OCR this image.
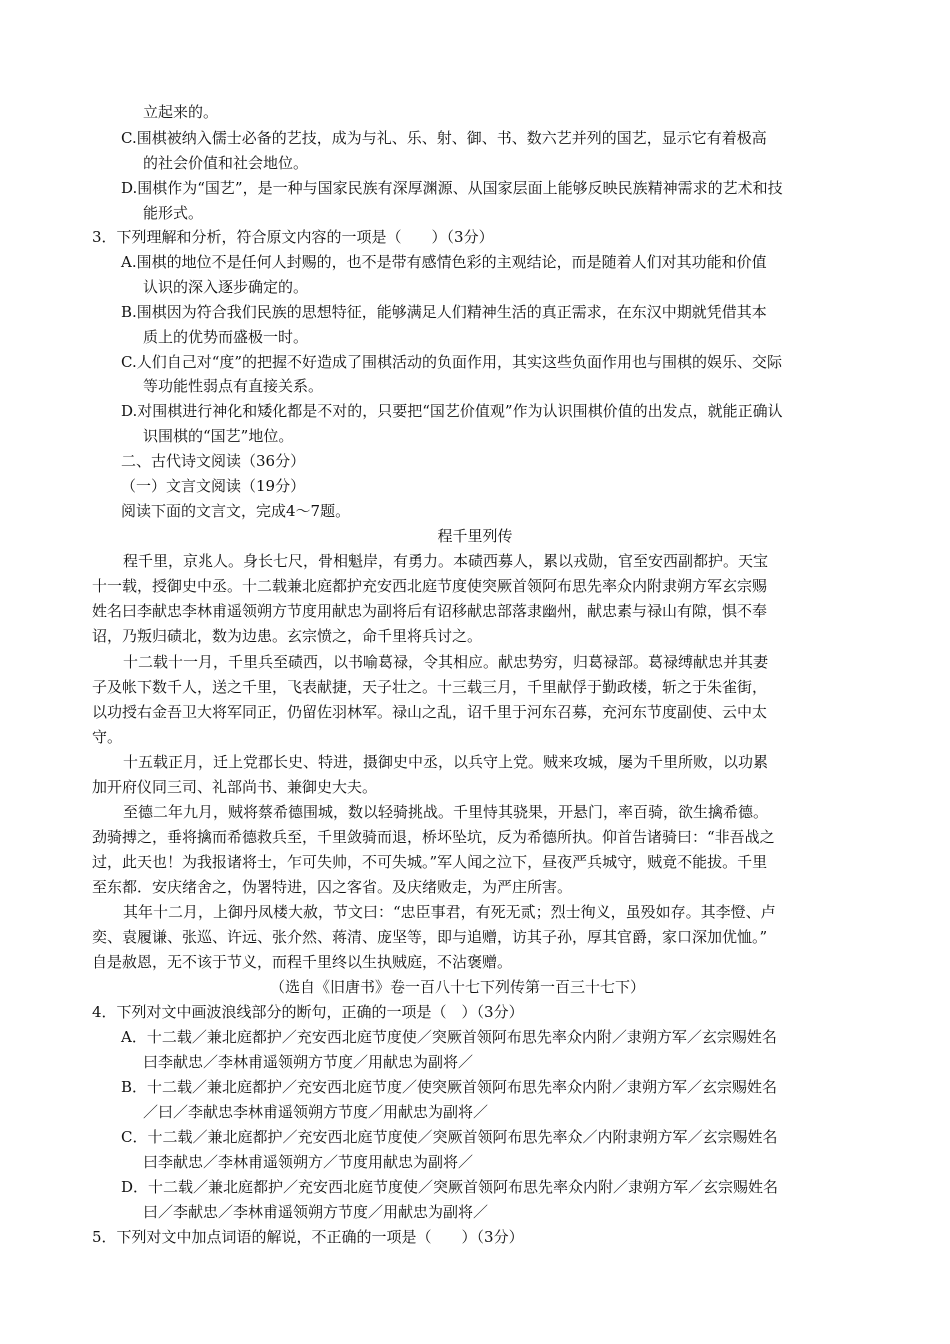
立起来的。

C.围棋被纳入儒士必备的艺技，成为与礼、乐、射、御、书、数六艺并列的国艺，显示它有着极高

的社会价值和社会地位。

D.围棋作为“国艺”，是一种与国家民族有深厚渊源、从国家层面上能够反映民族精神需求的艺术和技

能形式。

3．下列理解和分析，符合原文内容的一项是（　　）（3分）

A.围棋的地位不是任何人封赐的，也不是带有感情色彩的主观结论，而是随着人们对其功能和价值

认识的深入逐步确定的。

B.围棋因为符合我们民族的思想特征，能够满足人们精神生活的真正需求，在东汉中期就凭借其本

质上的优势而盛极一时。

C.人们自己对“度”的把握不好造成了围棋活动的负面作用，其实这些负面作用也与围棋的娱乐、交际

等功能性弱点有直接关系。

D.对围棋进行神化和矮化都是不对的，只要把“国艺价值观”作为认识围棋价值的出发点，就能正确认

识围棋的“国艺”地位。

二、古代诗文阅读（36分）

（一）文言文阅读（19分）

阅读下面的文言文，完成4～7题。

程千里列传

程千里，京兆人。身长七尺，骨相魁岸，有勇力。本碛西募人，累以戎勋，官至安西副都护。天宝

十一载，授御史中丞。十二载兼北庭都护充安西北庭节度使突厥首领阿布思先率众内附隶朔方军玄宗赐

姓名曰李献忠李林甫遥领朔方节度用献忠为副将后有诏移献忠部落隶幽州，献忠素与禄山有隙，惧不奉

诏，乃叛归碛北，数为边患。玄宗愤之，命千里将兵讨之。

十二载十一月，千里兵至碛西，以书喻葛禄，令其相应。献忠势穷，归葛禄部。葛禄缚献忠并其妻

子及帐下数千人，送之千里，飞表献捷，天子壮之。十三载三月，千里献俘于勤政楼，斩之于朱雀街，

以功授右金吾卫大将军同正，仍留佐羽林军。禄山之乱，诏千里于河东召募，充河东节度副使、云中太

守。

十五载正月，迁上党郡长史、特进，摄御史中丞，以兵守上党。贼来攻城，屡为千里所败，以功累

加开府仪同三司、礼部尚书、兼御史大夫。

至德二年九月，贼将蔡希德围城，数以轻骑挑战。千里恃其骁果，开悬门，率百骑，欲生擒希德。

劲骑搏之，垂将擒而希德救兵至，千里敛骑而退，桥坏坠坑，反为希德所执。仰首告诸骑曰：“非吾战之

过，此天也！为我报诸将士，乍可失帅，不可失城。”军人闻之泣下，昼夜严兵城守，贼竟不能拔。千里

至东都．安庆绪舍之，伪署特进，囚之客省。及庆绪败走，为严庄所害。

其年十二月，上御丹凤楼大赦，节文曰：“忠臣事君，有死无贰；烈士徇义，虽殁如存。其李憕、卢

奕、袁履谦、张巡、许远、张介然、蒋清、庞坚等，即与追赠，访其子孙，厚其官爵，家口深加优恤。”

自是赦恩，无不该于节义，而程千里终以生执贼庭，不沾褒赠。

（选自《旧唐书》卷一百八十七下列传第一百三十七下）

4．下列对文中画波浪线部分的断句，正确的一项是（　）（3分）

A．十二载／兼北庭都护／充安西北庭节度使／突厥首领阿布思先率众内附／隶朔方军／玄宗赐姓名

曰李献忠／李林甫遥领朔方节度／用献忠为副将／

B．十二载／兼北庭都护／充安西北庭节度／使突厥首领阿布思先率众内附／隶朔方军／玄宗赐姓名

／曰／李献忠李林甫遥领朔方节度／用献忠为副将／

C．十二载／兼北庭都护／充安西北庭节度使／突厥首领阿布思先率众／内附隶朔方军／玄宗赐姓名

曰李献忠／李林甫遥领朔方／节度用献忠为副将／

D．十二载／兼北庭都护／充安西北庭节度使／突厥首领阿布思先率众内附／隶朔方军／玄宗赐姓名

曰／李献忠／李林甫遥领朔方节度／用献忠为副将／

5．下列对文中加点词语的解说，不正确的一项是（　　）（3分）
